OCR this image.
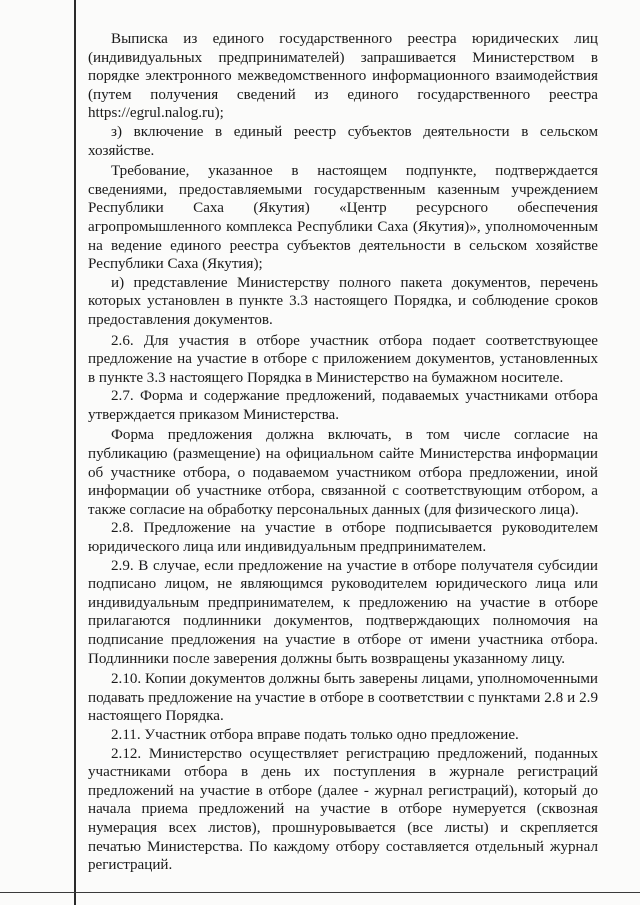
Выписка из единого государственного реестра юридических лиц (индивидуальных предпринимателей) запрашивается Министерством в порядке электронного межведомственного информационного взаимодействия (путем получения сведений из единого государственного реестра https://egrul.nalog.ru);

з) включение в единый реестр субъектов деятельности в сельском хозяйстве.

Требование, указанное в настоящем подпункте, подтверждается сведениями, предоставляемыми государственным казенным учреждением Республики Саха (Якутия) «Центр ресурсного обеспечения агропромышленного комплекса Республики Саха (Якутия)», уполномоченным на ведение единого реестра субъектов деятельности в сельском хозяйстве Республики Саха (Якутия);

и) представление Министерству полного пакета документов, перечень которых установлен в пункте 3.3 настоящего Порядка, и соблюдение сроков предоставления документов.

2.6. Для участия в отборе участник отбора подает соответствующее предложение на участие в отборе с приложением документов, установленных в пункте 3.3 настоящего Порядка в Министерство на бумажном носителе.

2.7. Форма и содержание предложений, подаваемых участниками отбора утверждается приказом Министерства.

Форма предложения должна включать, в том числе согласие на публикацию (размещение) на официальном сайте Министерства информации об участнике отбора, о подаваемом участником отбора предложении, иной информации об участнике отбора, связанной с соответствующим отбором, а также согласие на обработку персональных данных (для физического лица).

2.8. Предложение на участие в отборе подписывается руководителем юридического лица или индивидуальным предпринимателем.

2.9. В случае, если предложение на участие в отборе получателя субсидии подписано лицом, не являющимся руководителем юридического лица или индивидуальным предпринимателем, к предложению на участие в отборе прилагаются подлинники документов, подтверждающих полномочия на подписание предложения на участие в отборе от имени участника отбора. Подлинники после заверения должны быть возвращены указанному лицу.

2.10. Копии документов должны быть заверены лицами, уполномоченными подавать предложение на участие в отборе в соответствии с пунктами 2.8 и 2.9 настоящего Порядка.

2.11. Участник отбора вправе подать только одно предложение.

2.12. Министерство осуществляет регистрацию предложений, поданных участниками отбора в день их поступления в журнале регистраций предложений на участие в отборе (далее - журнал регистраций), который до начала приема предложений на участие в отборе нумеруется (сквозная нумерация всех листов), прошнуровывается (все листы) и скрепляется печатью Министерства. По каждому отбору составляется отдельный журнал регистраций.
